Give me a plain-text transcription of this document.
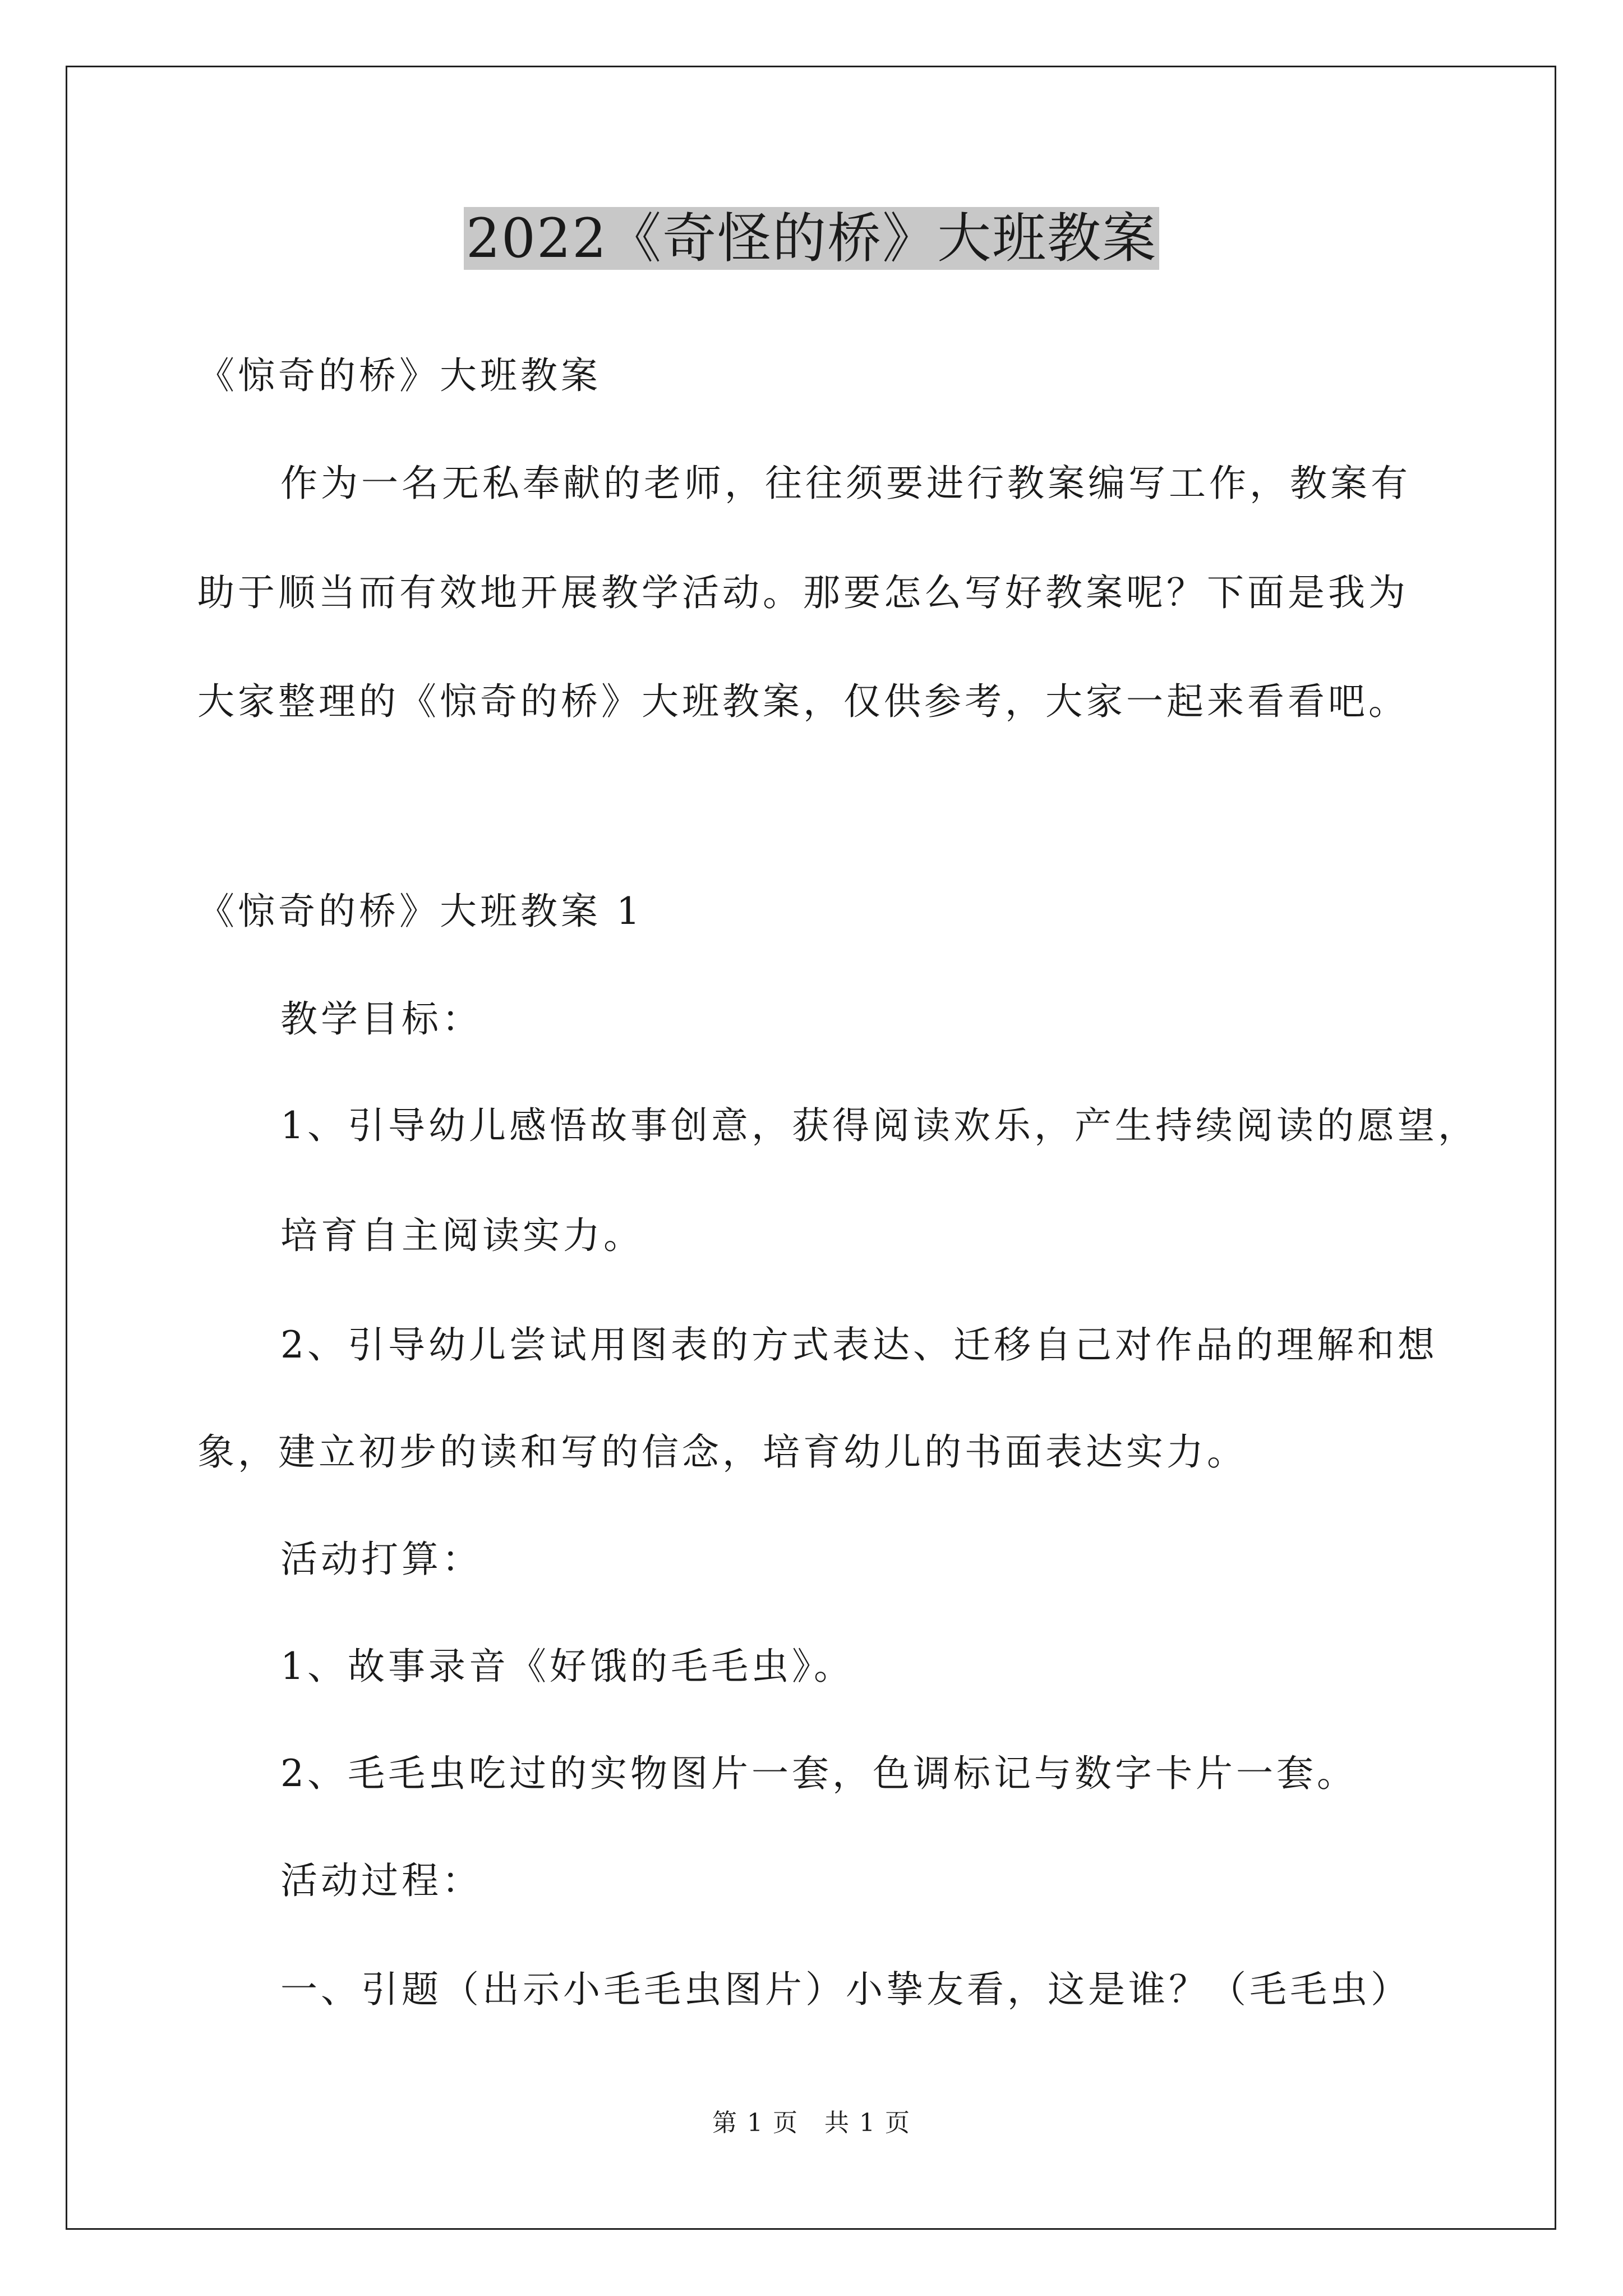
2022《奇怪的桥》大班教案
《惊奇的桥》大班教案
作为一名无私奉献的老师，往往须要进行教案编写工作，教案有
助于顺当而有效地开展教学活动。那要怎么写好教案呢？下面是我为
大家整理的《惊奇的桥》大班教案，仅供参考，大家一起来看看吧。
《惊奇的桥》大班教案 1
教学目标：
1、引导幼儿感悟故事创意，获得阅读欢乐，产生持续阅读的愿望，
培育自主阅读实力。
2、引导幼儿尝试用图表的方式表达、迁移自己对作品的理解和想
象，建立初步的读和写的信念，培育幼儿的书面表达实力。
活动打算：
1、故事录音《好饿的毛毛虫》。
2、毛毛虫吃过的实物图片一套，色调标记与数字卡片一套。
活动过程：
一、引题（出示小毛毛虫图片）小挚友看，这是谁？（毛毛虫）
第 1 页　共 1 页
